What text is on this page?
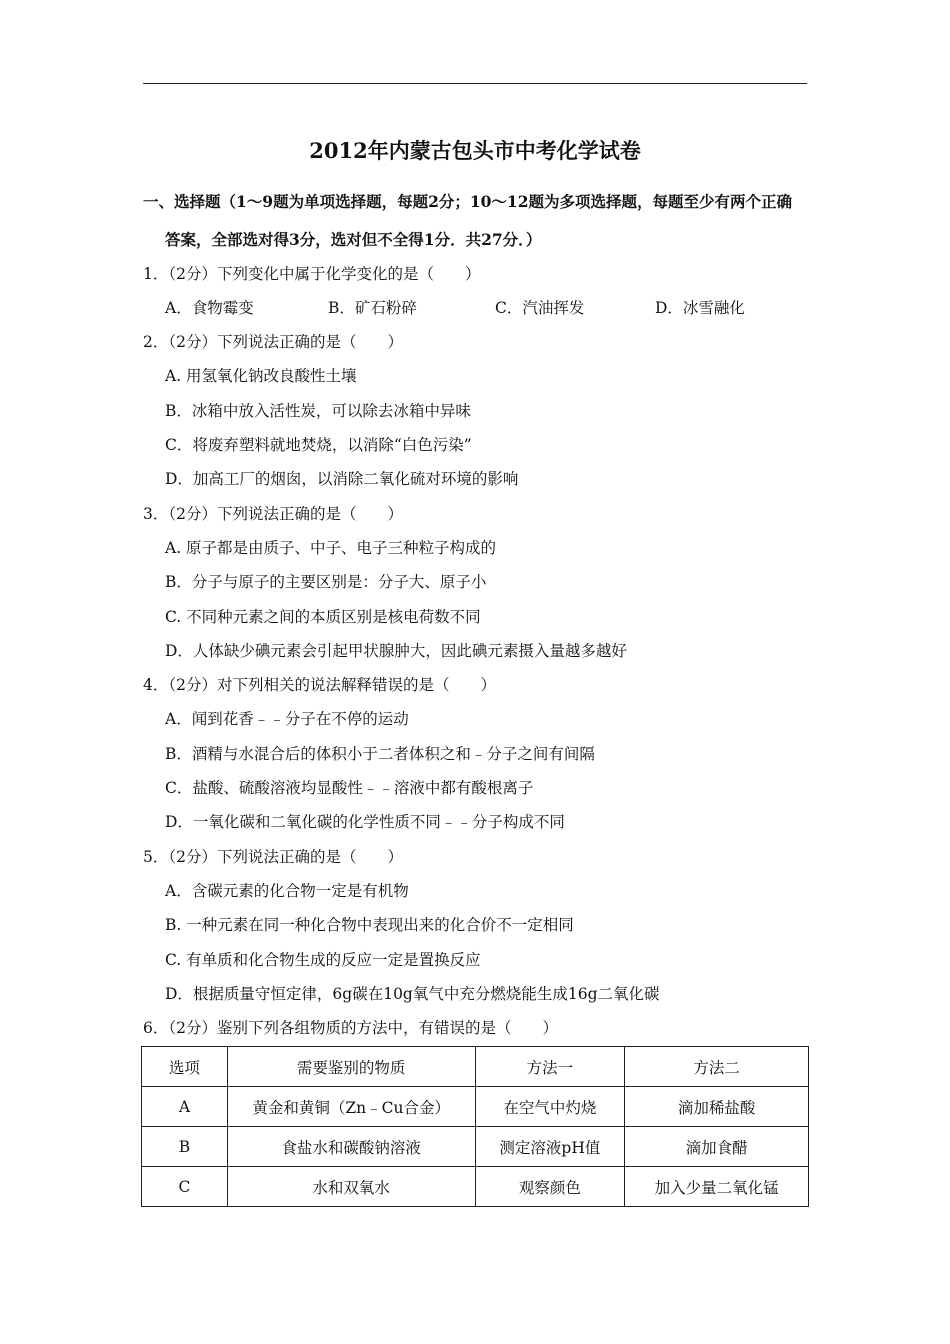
2012年内蒙古包头市中考化学试卷
一、选择题（1～9题为单项选择题，每题2分；10～12题为多项选择题，每题至少有两个正确
答案，全部选对得3分，选对但不全得1分．共27分．）
1．（2分）下列变化中属于化学变化的是（　　）
A．食物霉变	B．矿石粉碎	C．汽油挥发	D．冰雪融化
2．（2分）下列说法正确的是（　　）
A. 用氢氧化钠改良酸性土壤
B．冰箱中放入活性炭，可以除去冰箱中异味
C．将废弃塑料就地焚烧，以消除“白色污染”
D．加高工厂的烟囱，以消除二氧化硫对环境的影响
3．（2分）下列说法正确的是（　　）
A. 原子都是由质子、中子、电子三种粒子构成的
B．分子与原子的主要区别是：分子大、原子小
C. 不同种元素之间的本质区别是核电荷数不同
D．人体缺少碘元素会引起甲状腺肿大，因此碘元素摄入量越多越好
4．（2分）对下列相关的说法解释错误的是（　　）
A．闻到花香﹣﹣分子在不停的运动
B．酒精与水混合后的体积小于二者体积之和﹣分子之间有间隔
C．盐酸、硫酸溶液均显酸性﹣﹣溶液中都有酸根离子
D．一氧化碳和二氧化碳的化学性质不同﹣﹣分子构成不同
5．（2分）下列说法正确的是（　　）
A．含碳元素的化合物一定是有机物
B. 一种元素在同一种化合物中表现出来的化合价不一定相同
C. 有单质和化合物生成的反应一定是置换反应
D．根据质量守恒定律，6g碳在10g氧气中充分燃烧能生成16g二氧化碳
6．（2分）鉴别下列各组物质的方法中，有错误的是（　　）
选项	需要鉴别的物质	方法一	方法二
A	黄金和黄铜（Zn﹣Cu合金）	在空气中灼烧	滴加稀盐酸
B	食盐水和碳酸钠溶液	测定溶液pH值	滴加食醋
C	水和双氧水	观察颜色	加入少量二氧化锰
